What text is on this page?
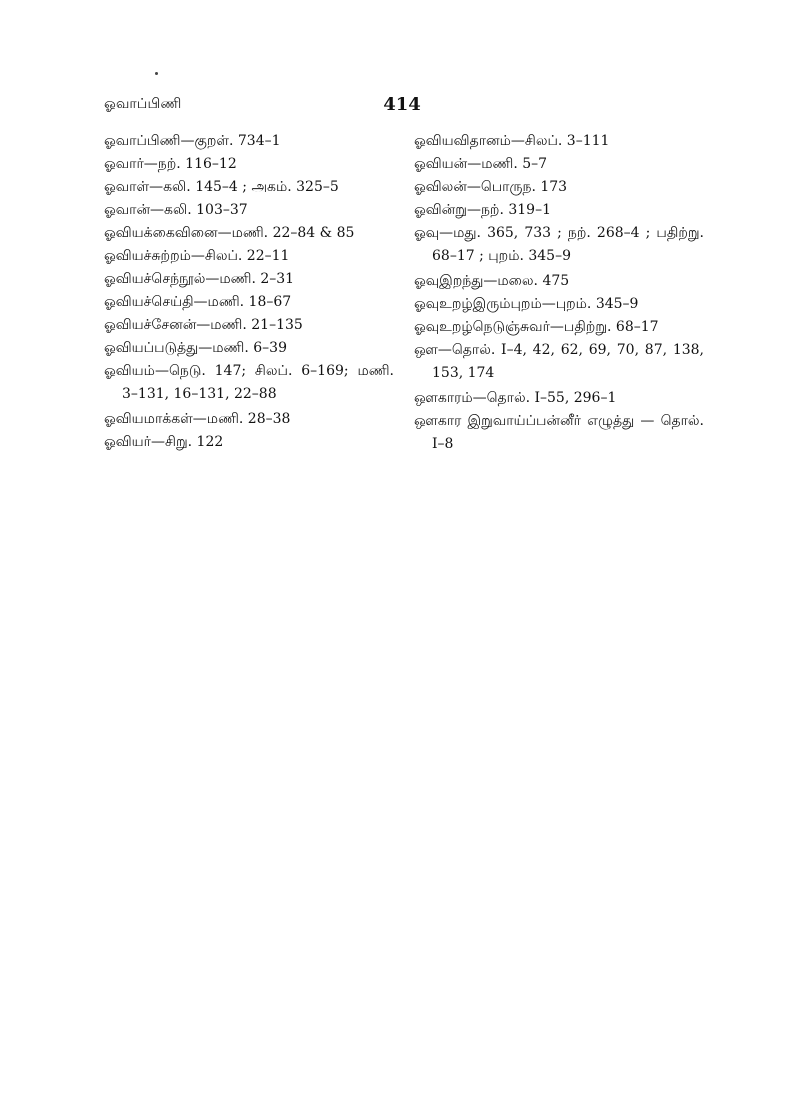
ஓவாப்பிணி	414
ஓவாப்பிணி—குறள். 734–1
ஓவார்—நற். 116–12
ஓவாள்—கலி. 145–4 ; அகம். 325–5
ஓவான்—கலி. 103–37
ஓவியக்கைவினை—மணி. 22–84 & 85
ஓவியச்சுற்றம்—சிலப். 22–11
ஓவியச்செந்நூல்—மணி. 2–31
ஓவியச்செய்தி—மணி. 18–67
ஓவியச்சேனன்—மணி. 21–135
ஓவியப்படுத்து—மணி. 6–39
ஓவியம்—நெடு. 147; சிலப். 6–169; மணி. 3–131, 16–131, 22–88
ஓவியமாக்கள்—மணி. 28–38
ஓவியர்—சிறு. 122
ஓவியவிதானம்—சிலப். 3–111
ஓவியன்—மணி. 5–7
ஓவிலன்—பொருந. 173
ஓவின்று—நற். 319–1
ஓவு—மது. 365, 733 ; நற். 268–4 ; பதிற்று. 68–17 ; புறம். 345–9
ஓவுஇறந்து—மலை. 475
ஓவுஉறழ்இரும்புறம்—புறம். 345–9
ஓவுஉறழ்நெடுஞ்சுவர்—பதிற்று. 68–17
ஔ—தொல். I–4, 42, 62, 69, 70, 87, 138, 153, 174
ஔகாரம்—தொல். I–55, 296–1
ஔகார இறுவாய்ப்பன்னீர் எழுத்து — தொல். I–8
